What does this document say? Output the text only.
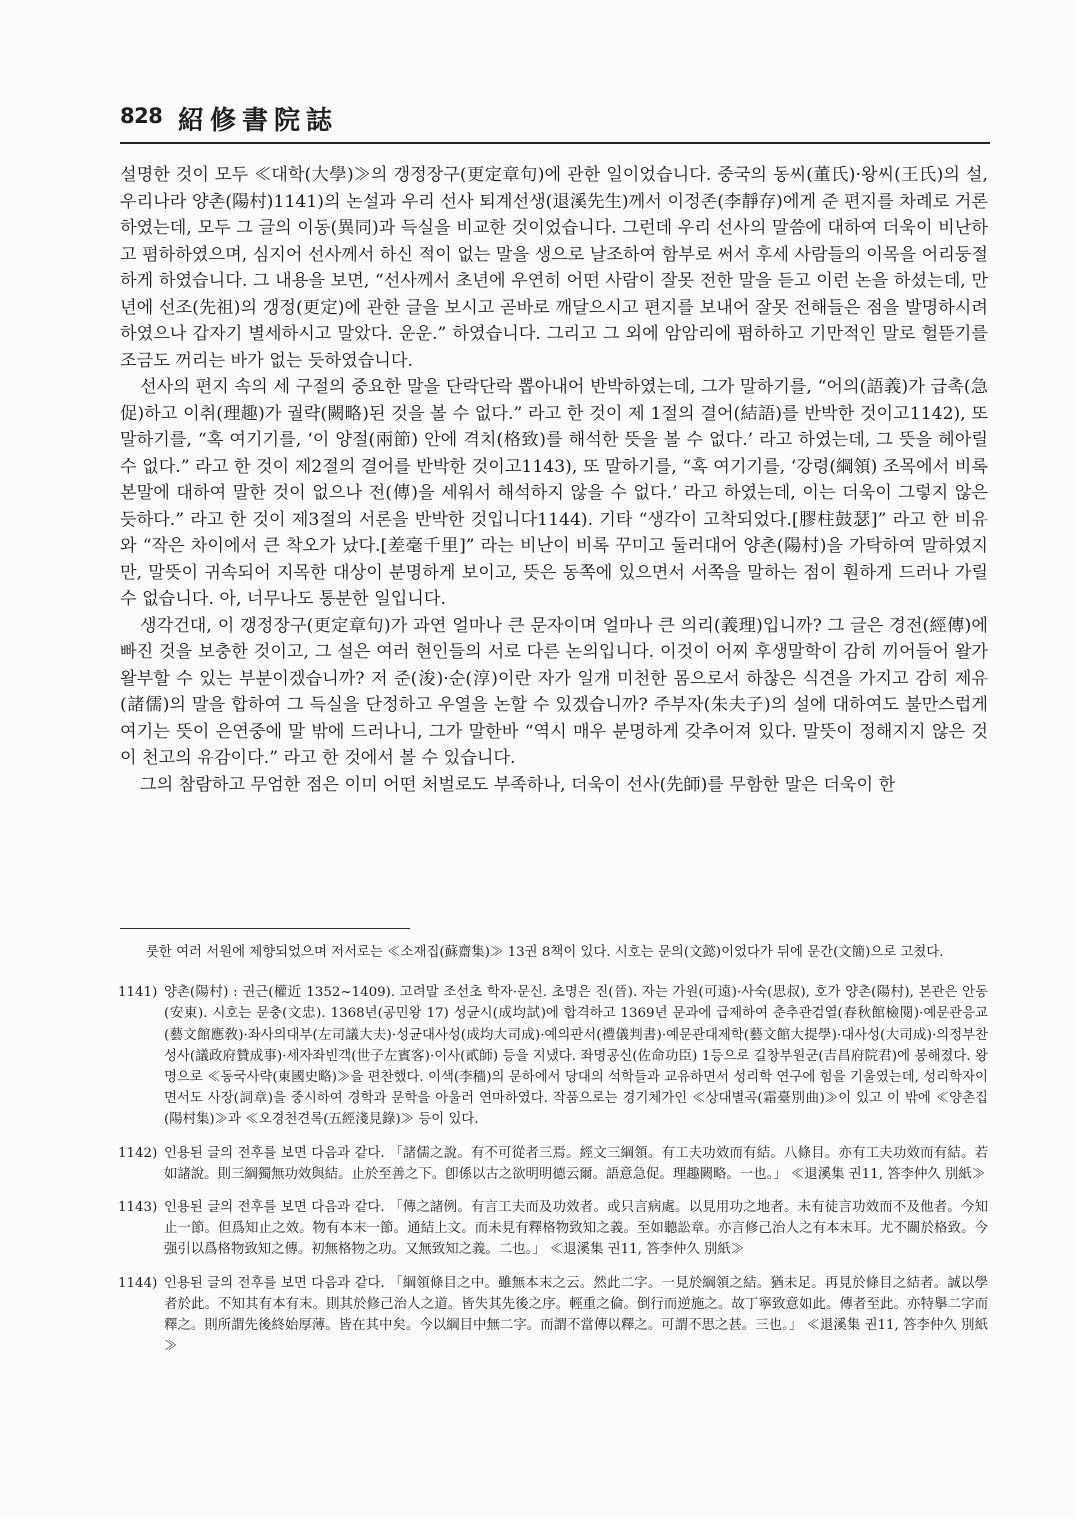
828 紹修書院誌

설명한 것이 모두 ≪대학(大學)≫의 갱정장구(更定章句)에 관한 일이었습니다. 중국의 동씨(董氏)·왕씨(王氏)의 설, 우리나라 양촌(陽村)1141)의 논설과 우리 선사 퇴계선생(退溪先生)께서 이정존(李靜存)에게 준 편지를 차례로 거론하였는데, 모두 그 글의 이동(異同)과 득실을 비교한 것이었습니다. 그런데 우리 선사의 말씀에 대하여 더욱이 비난하고 폄하하였으며, 심지어 선사께서 하신 적이 없는 말을 생으로 날조하여 함부로 써서 후세 사람들의 이목을 어리둥절하게 하였습니다. 그 내용을 보면, “선사께서 초년에 우연히 어떤 사람이 잘못 전한 말을 듣고 이런 논을 하셨는데, 만년에 선조(先祖)의 갱정(更定)에 관한 글을 보시고 곧바로 깨달으시고 편지를 보내어 잘못 전해들은 점을 발명하시려 하였으나 갑자기 별세하시고 말았다. 운운.” 하였습니다. 그리고 그 외에 암암리에 폄하하고 기만적인 말로 헐뜯기를 조금도 꺼리는 바가 없는 듯하였습니다.

선사의 편지 속의 세 구절의 중요한 말을 단락단락 뽑아내어 반박하였는데, 그가 말하기를, “어의(語義)가 급촉(急促)하고 이취(理趣)가 궐략(闕略)된 것을 볼 수 없다.” 라고 한 것이 제 1절의 결어(結語)를 반박한 것이고1142), 또 말하기를, “혹 여기기를, ‘이 양절(兩節) 안에 격치(格致)를 해석한 뜻을 볼 수 없다.’ 라고 하였는데, 그 뜻을 헤아릴 수 없다.” 라고 한 것이 제2절의 결어를 반박한 것이고1143), 또 말하기를, “혹 여기기를, ‘강령(綱領) 조목에서 비록 본말에 대하여 말한 것이 없으나 전(傳)을 세워서 해석하지 않을 수 없다.’ 라고 하였는데, 이는 더욱이 그렇지 않은 듯하다.” 라고 한 것이 제3절의 서론을 반박한 것입니다1144). 기타 “생각이 고착되었다.[膠柱鼓瑟]” 라고 한 비유와 “작은 차이에서 큰 착오가 났다.[差毫千里]” 라는 비난이 비록 꾸미고 둘러대어 양촌(陽村)을 가탁하여 말하였지만, 말뜻이 귀속되어 지목한 대상이 분명하게 보이고, 뜻은 동쪽에 있으면서 서쪽을 말하는 점이 훤하게 드러나 가릴 수 없습니다. 아, 너무나도 통분한 일입니다.

생각건대, 이 갱정장구(更定章句)가 과연 얼마나 큰 문자이며 얼마나 큰 의리(義理)입니까? 그 글은 경전(經傳)에 빠진 것을 보충한 것이고, 그 설은 여러 현인들의 서로 다른 논의입니다. 이것이 어찌 후생말학이 감히 끼어들어 왈가왈부할 수 있는 부분이겠습니까? 저 준(浚)·순(淳)이란 자가 일개 미천한 몸으로서 하찮은 식견을 가지고 감히 제유(諸儒)의 말을 합하여 그 득실을 단정하고 우열을 논할 수 있겠습니까? 주부자(朱夫子)의 설에 대하여도 불만스럽게 여기는 뜻이 은연중에 말 밖에 드러나니, 그가 말한바 “역시 매우 분명하게 갖추어져 있다. 말뜻이 정해지지 않은 것이 천고의 유감이다.” 라고 한 것에서 볼 수 있습니다.

그의 참람하고 무엄한 점은 이미 어떤 처벌로도 부족하나, 더욱이 선사(先師)를 무함한 말은 더욱이 한

룻한 여러 서원에 제향되었으며 저서로는 ≪소재집(蘇齋集)≫ 13권 8책이 있다. 시호는 문의(文懿)이었다가 뒤에 문간(文簡)으로 고쳤다.

1141) 양촌(陽村) : 권근(權近 1352~1409). 고려말 조선초 학자·문신. 초명은 진(晉). 자는 가원(可遠)·사숙(思叔), 호가 양촌(陽村), 본관은 안동(安東). 시호는 문충(文忠). 1368년(공민왕 17) 성균시(成均試)에 합격하고 1369년 문과에 급제하여 춘추관검열(春秋館檢閱)·예문관응교(藝文館應敎)·좌사의대부(左司議大夫)·성균대사성(成均大司成)·예의판서(禮儀判書)·예문관대제학(藝文館大提學)·대사성(大司成)·의정부찬성사(議政府贊成事)·세자좌빈객(世子左賓客)·이사(貳師) 등을 지냈다. 좌명공신(佐命功臣) 1등으로 길창부원군(吉昌府院君)에 봉해졌다. 왕명으로 ≪동국사략(東國史略)≫을 편찬했다. 이색(李穡)의 문하에서 당대의 석학들과 교유하면서 성리학 연구에 힘을 기울였는데, 성리학자이면서도 사장(詞章)을 중시하여 경학과 문학을 아울러 연마하였다. 작품으로는 경기체가인 ≪상대별곡(霜臺別曲)≫이 있고 이 밖에 ≪양촌집(陽村集)≫과 ≪오경천견록(五經淺見錄)≫ 등이 있다.
1142) 인용된 글의 전후를 보면 다음과 같다. 「諸儒之說。有不可從者三焉。經文三綱領。有工夫功效而有結。八條目。亦有工夫功效而有結。若如諸說。則三綱獨無功效與結。止於至善之下。卽係以古之欲明明德云爾。語意急促。理趣闕略。一也。」 ≪退溪集 권11, 答李仲久 別紙≫
1143) 인용된 글의 전후를 보면 다음과 같다. 「傳之諸例。有言工夫而及功效者。或只言病處。以見用功之地者。未有徒言功效而不及他者。今知止一節。但爲知止之效。物有本末一節。通結上文。而未見有釋格物致知之義。至如聽訟章。亦言修己治人之有本末耳。尤不關於格致。今强引以爲格物致知之傳。初無格物之功。又無致知之義。二也。」 ≪退溪集 권11, 答李仲久 別紙≫
1144) 인용된 글의 전후를 보면 다음과 같다. 「綱領條目之中。雖無本末之云。然此二字。一見於綱領之結。猶未足。再見於條目之結者。誠以學者於此。不知其有本有末。則其於修己治人之道。皆失其先後之序。輕重之倫。倒行而逆施之。故丁寧致意如此。傳者至此。亦特擧二字而釋之。則所謂先後終始厚薄。皆在其中矣。今以綱目中無二字。而謂不當傳以釋之。可謂不思之甚。三也。」 ≪退溪集 권11, 答李仲久 別紙≫
